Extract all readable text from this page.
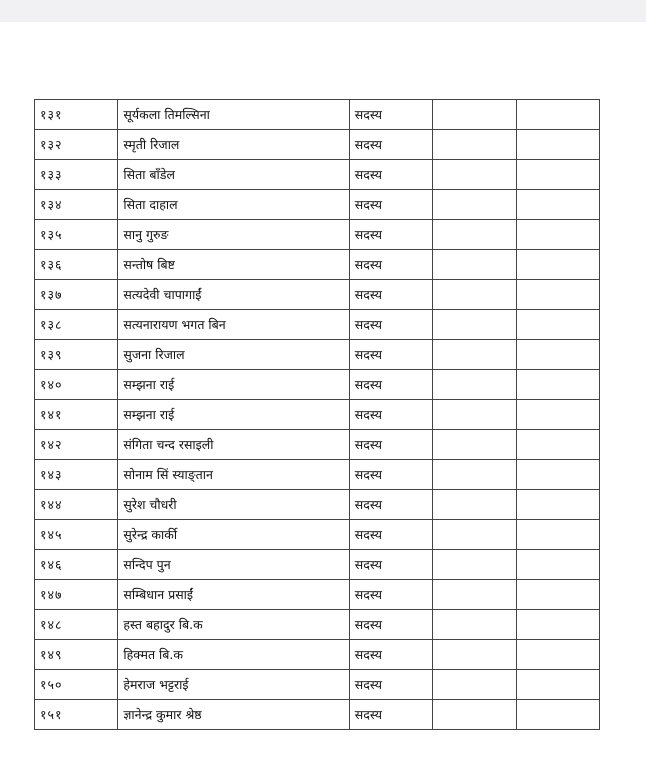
१३१	सूर्यकला तिमल्सिना	सदस्य		
१३२	स्मृती रिजाल	सदस्य		
१३३	सिता बाँडेल	सदस्य		
१३४	सिता दाहाल	सदस्य		
१३५	सानु गुरुङ	सदस्य		
१३६	सन्तोष बिष्ट	सदस्य		
१३७	सत्यदेवी चापागाईं	सदस्य		
१३८	सत्यनारायण भगत बिन	सदस्य		
१३९	सुजना रिजाल	सदस्य		
१४०	सम्झना राई	सदस्य		
१४१	सम्झना राई	सदस्य		
१४२	संगिता चन्द रसाइली	सदस्य		
१४३	सोनाम सिं स्याङ्तान	सदस्य		
१४४	सुरेश चौधरी	सदस्य		
१४५	सुरेन्द्र कार्की	सदस्य		
१४६	सन्दिप पुन	सदस्य		
१४७	सम्बिधान प्रसाईं	सदस्य		
१४८	हस्त बहादुर बि.क	सदस्य		
१४९	हिक्मत बि.क	सदस्य		
१५०	हेमराज भट्टराई	सदस्य		
१५१	ज्ञानेन्द्र कुमार श्रेष्ठ	सदस्य		
